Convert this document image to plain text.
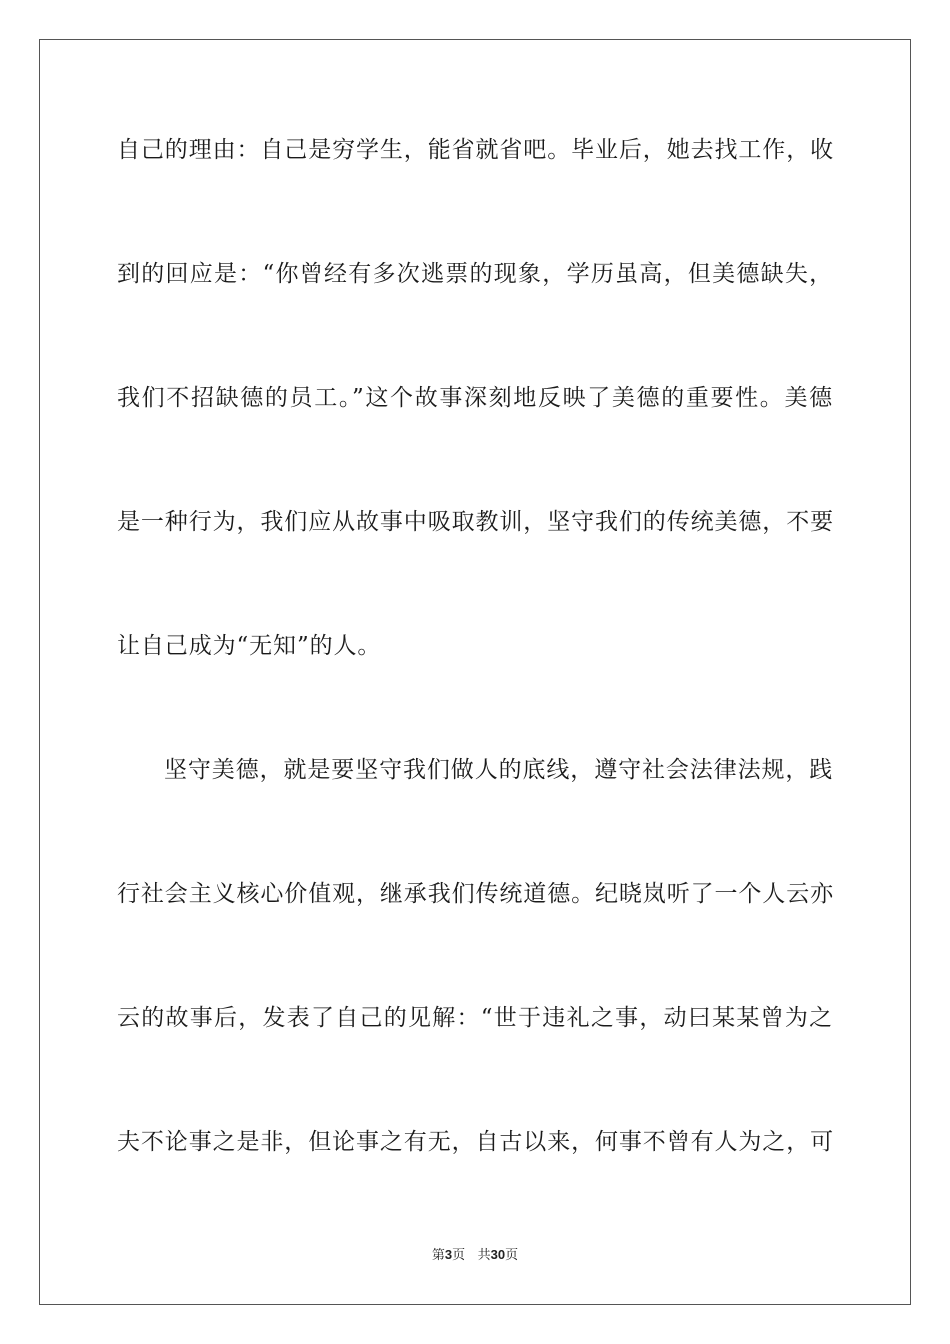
自己的理由：自己是穷学生，能省就省吧。毕业后，她去找工作，收
到的回应是：“你曾经有多次逃票的现象，学历虽高，但美德缺失，
我们不招缺德的员工。”这个故事深刻地反映了美德的重要性。美德
是一种行为，我们应从故事中吸取教训，坚守我们的传统美德，不要
让自己成为“无知”的人。
坚守美德，就是要坚守我们做人的底线，遵守社会法律法规，践
行社会主义核心价值观，继承我们传统道德。纪晓岚听了一个人云亦
云的故事后，发表了自己的见解：“世于违礼之事，动曰某某曾为之
夫不论事之是非，但论事之有无，自古以来，何事不曾有人为之，可
第3页 共30页
